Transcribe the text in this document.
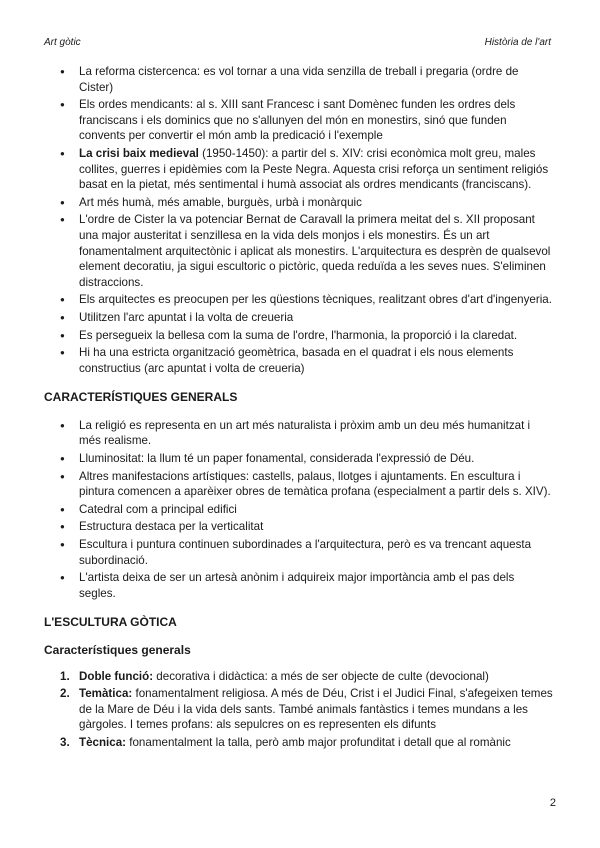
Art gòtic	Història de l'art
● La reforma cistercenca: es vol tornar a una vida senzilla de treball i pregaria (ordre de Cister)
● Els ordes mendicants: al s. XIII sant Francesc i sant Domènec funden les ordres dels franciscans i els dominics que no s'allunyen del món en monestirs, sinó que funden convents per convertir el món amb la predicació i l'exemple
● La crisi baix medieval (1950-1450): a partir del s. XIV: crisi econòmica molt greu, males collites, guerres i epidèmies com la Peste Negra. Aquesta crisi reforça un sentiment religiós basat en la pietat, més sentimental i humà associat als ordres mendicants (franciscans).
● Art més humà, més amable, burguès, urbà i monàrquic
● L'ordre de Cister la va potenciar Bernat de Caravall la primera meitat del s. XII proposant una major austeritat i senzillesa en la vida dels monjos i els monestirs. És un art fonamentalment arquitectònic i aplicat als monestirs. L'arquitectura es desprèn de qualsevol element decoratiu, ja sigui escultoric o pictòric, queda reduïda a les seves nues. S'eliminen distraccions.
● Els arquitectes es preocupen per les qüestions tècniques, realitzant obres d'art d'ingenyeria.
● Utilitzen l'arc apuntat i la volta de creueria
● Es persegueix la bellesa com la suma de l'ordre, l'harmonia, la proporció i la claredat.
● Hi ha una estricta organització geomètrica, basada en el quadrat i els nous elements constructius (arc apuntat i volta de creueria)
CARACTERÍSTIQUES GENERALS
● La religió es representa en un art més naturalista i pròxim amb un deu més humanitzat i més realisme.
● Lluminositat: la llum té un paper fonamental, considerada l'expressió de Déu.
● Altres manifestacions artístiques: castells, palaus, llotges i ajuntaments. En escultura i pintura comencen a aparèixer obres de temàtica profana (especialment a partir dels s. XIV).
● Catedral com a principal edifici
● Estructura destaca per la verticalitat
● Escultura i puntura continuen subordinades a l'arquitectura, però es va trencant aquesta subordinació.
● L'artista deixa de ser un artesà anònim i adquireix major importància amb el pas dels segles.
L'ESCULTURA GÒTICA
Característiques generals
1. Doble funció: decorativa i didàctica: a més de ser objecte de culte (devocional)
2. Temàtica: fonamentalment religiosa. A més de Déu, Crist i el Judici Final, s'afegeixen temes de la Mare de Déu i la vida dels sants. També animals fantàstics i temes mundans a les gàrgoles. I temes profans: als sepulcres on es representen els difunts
3. Tècnica: fonamentalment la talla, però amb major profunditat i detall que al romànic
2
